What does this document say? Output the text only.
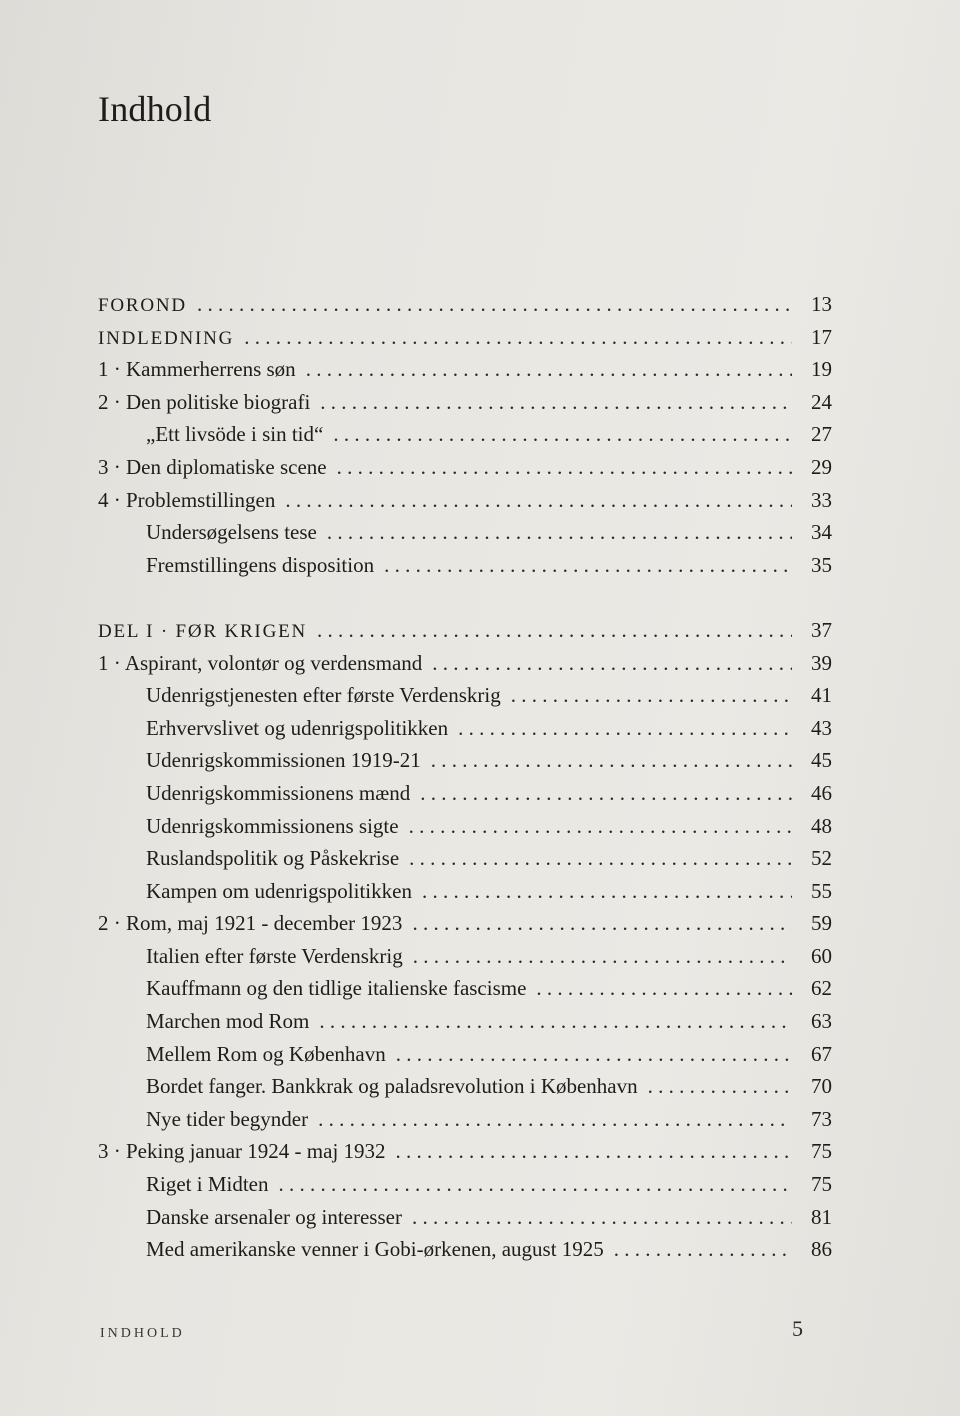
Indhold
FOROND . . .	13
INDLEDNING . . .	17
1 · Kammerherrens søn . . .	19
2 · Den politiske biografi . . .	24
„Ett livsöde i sin tid“ . . .	27
3 · Den diplomatiske scene . . .	29
4 · Problemstillingen . . .	33
Undersøgelsens tese . . .	34
Fremstillingens disposition . . .	35
DEL I · FØR KRIGEN . . .	37
1 · Aspirant, volontør og verdensmand . . .	39
Udenrigstjenesten efter første Verdenskrig . . .	41
Erhvervslivet og udenrigspolitikken . . .	43
Udenrigskommissionen 1919-21 . . .	45
Udenrigskommissionens mænd . . .	46
Udenrigskommissionens sigte . . .	48
Ruslandspolitik og Påskekrise . . .	52
Kampen om udenrigspolitikken . . .	55
2 · Rom, maj 1921 - december 1923 . . .	59
Italien efter første Verdenskrig . . .	60
Kauffmann og den tidlige italienske fascisme . . .	62
Marchen mod Rom . . .	63
Mellem Rom og København . . .	67
Bordet fanger. Bankkrak og paladsrevolution i København . . .	70
Nye tider begynder . . .	73
3 · Peking januar 1924 - maj 1932 . . .	75
Riget i Midten . . .	75
Danske arsenaler og interesser . . .	81
Med amerikanske venner i Gobi-ørkenen, august 1925 . . .	86
INDHOLD	5
